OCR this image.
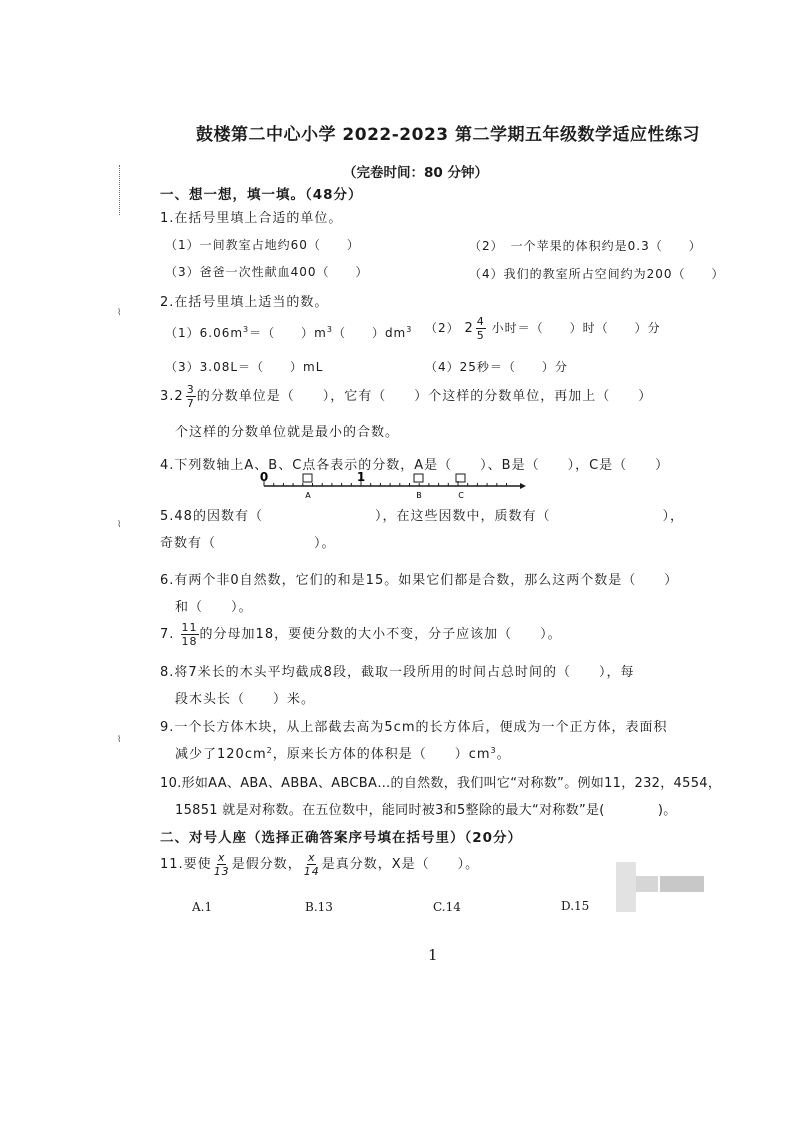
鼓楼第二中心小学 2022-2023 第二学期五年级数学适应性练习
（完卷时间：80 分钟）
⌇
⌇
⌇
一、想一想，填一填。（48分）
1.在括号里填上合适的单位。
（1）一间教室占地约60（　　）	（2）　一个苹果的体积约是0.3（　　）
（3）爸爸一次性献血400（　　）	（4）我们的教室所占空间约为200（　　）
2.在括号里填上适当的数。
$(1)6.06m^3=$（　　）$m^3$（　　）$dm^3$ （2） $2 \frac{4}{5}$ 小时＝（　　）时（　　）分
（3）3.08L＝（　　）mL	（4）25秒＝（　　）分
3. $2 \frac{3}{7}$ 的分数单位是（　　），它有（　　）个这样的分数单位，再加上（　　）
个这样的分数单位就是最小的合数。
4.下列数轴上A、B、C点各表示的分数，A是（　　）、B是（　　），C是（　　）
0	1
A	B	C
5.48的因数有（　　　　　　　　），在这些因数中，质数有（　　　　　　　　），
奇数有（　　　　　　　）。
6.有两个非0自然数，它们的和是15。如果它们都是合数，那么这两个数是（　　）
和（　　）。
7. $\frac{11}{18}$ 的分母加18，要使分数的大小不变，分子应该加（　　）。
8.将7米长的木头平均截成8段，截取一段所用的时间占总时间的（　　），每
段木头长（　　）米。
9.一个长方体木块，从上部截去高为5cm的长方体后，便成为一个正方体，表面积
减少了$120cm^2$，原来长方体的体积是（　　）$cm^3$。
10.形如AA、ABA、ABBA、ABCBA…的自然数，我们叫它“对称数”。例如11，232，4554，
15851 就是对称数。在五位数中，能同时被3和5整除的最大“对称数”是(　　　　)。
二、对号人座（选择正确答案序号填在括号里）（20分）
11.要使 $\frac{x}{13}$ 是假分数， $\frac{x}{14}$ 是真分数，X是（　　）。
A.1	B.13	C.14	D.15
1
